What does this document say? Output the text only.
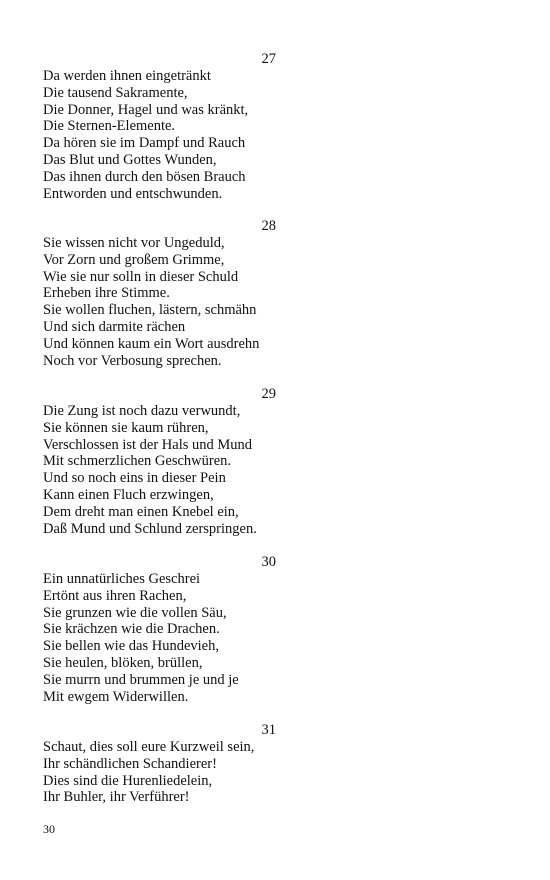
27
Da werden ihnen eingetränkt
Die tausend Sakramente,
Die Donner, Hagel und was kränkt,
Die Sternen-Elemente.
Da hören sie im Dampf und Rauch
Das Blut und Gottes Wunden,
Das ihnen durch den bösen Brauch
Entworden und entschwunden.
28
Sie wissen nicht vor Ungeduld,
Vor Zorn und großem Grimme,
Wie sie nur solln in dieser Schuld
Erheben ihre Stimme.
Sie wollen fluchen, lästern, schmähn
Und sich darmite rächen
Und können kaum ein Wort ausdrehn
Noch vor Verbosung sprechen.
29
Die Zung ist noch dazu verwundt,
Sie können sie kaum rühren,
Verschlossen ist der Hals und Mund
Mit schmerzlichen Geschwüren.
Und so noch eins in dieser Pein
Kann einen Fluch erzwingen,
Dem dreht man einen Knebel ein,
Daß Mund und Schlund zerspringen.
30
Ein unnatürliches Geschrei
Ertönt aus ihren Rachen,
Sie grunzen wie die vollen Säu,
Sie krächzen wie die Drachen.
Sie bellen wie das Hundevieh,
Sie heulen, blöken, brüllen,
Sie murrn und brummen je und je
Mit ewgem Widerwillen.
31
Schaut, dies soll eure Kurzweil sein,
Ihr schändlichen Schandierer!
Dies sind die Hurenliedelein,
Ihr Buhler, ihr Verführer!
30
